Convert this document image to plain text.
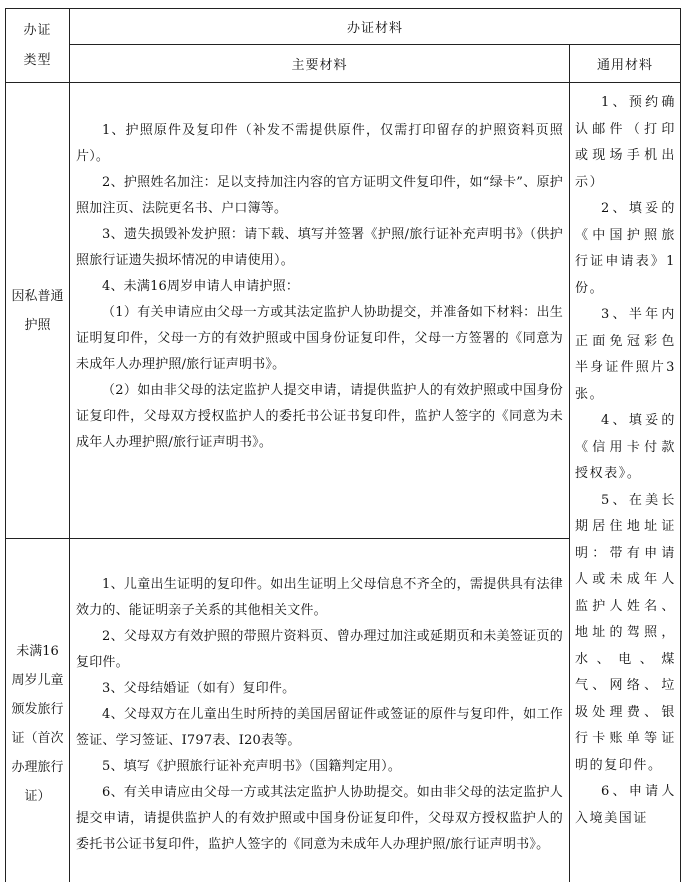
办证类型
办证材料
主要材料	通用材料
因私普通护照

1、护照原件及复印件（补发不需提供原件，仅需打印留存的护照资料页照片）。

2、护照姓名加注：足以支持加注内容的官方证明文件复印件，如“绿卡”、原护照加注页、法院更名书、户口簿等。

3、遗失损毁补发护照：请下载、填写并签署《护照/旅行证补充声明书》（供护照旅行证遗失损坏情况的申请使用）。

4、未满16周岁申请人申请护照：

（1）有关申请应由父母一方或其法定监护人协助提交，并准备如下材料：出生证明复印件，父母一方的有效护照或中国身份证复印件，父母一方签署的《同意为未成年人办理护照/旅行证声明书》。

（2）如由非父母的法定监护人提交申请，请提供监护人的有效护照或中国身份证复印件，父母双方授权监护人的委托书公证书复印件，监护人签字的《同意为未成年人办理护照/旅行证声明书》。

未满16周岁儿童颁发旅行证（首次办理旅行证）

1、儿童出生证明的复印件。如出生证明上父母信息不齐全的，需提供具有法律效力的、能证明亲子关系的其他相关文件。

2、父母双方有效护照的带照片资料页、曾办理过加注或延期页和未美签证页的复印件。

3、父母结婚证（如有）复印件。

4、父母双方在儿童出生时所持的美国居留证件或签证的原件与复印件，如工作签证、学习签证、I797表、I20表等。

5、填写《护照旅行证补充声明书》（国籍判定用）。

6、有关申请应由父母一方或其法定监护人协助提交。如由非父母的法定监护人提交申请，请提供监护人的有效护照或中国身份证复印件，父母双方授权监护人的委托书公证书复印件，监护人签字的《同意为未成年人办理护照/旅行证声明书》。

1、预约确认邮件（打印或现场手机出示）

2、填妥的《中国护照旅行证申请表》1份。

3、半年内正面免冠彩色半身证件照片3张。

4、填妥的《信用卡付款授权表》。

5、在美长期居住地址证明：带有申请人或未成年人监护人姓名、地址的驾照，水、电、煤气、网络、垃圾处理费、银行卡账单等证明的复印件。

6、申请人入境美国证
